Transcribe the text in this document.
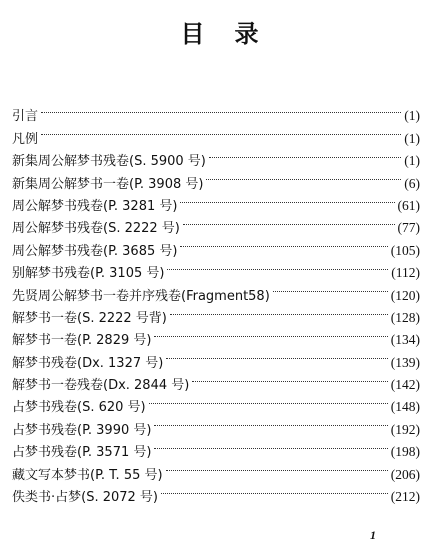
目 录
引言	(1)
凡例	(1)
新集周公解梦书残卷(S. 5900 号)	(1)
新集周公解梦书一卷(P. 3908 号)	(6)
周公解梦书残卷(P. 3281 号)	(61)
周公解梦书残卷(S. 2222 号)	(77)
周公解梦书残卷(P. 3685 号)	(105)
别解梦书残卷(P. 3105 号)	(112)
先贤周公解梦书一卷并序残卷(Fragment58)	(120)
解梦书一卷(S. 2222 号背)	(128)
解梦书一卷(P. 2829 号)	(134)
解梦书残卷(Dx. 1327 号)	(139)
解梦书一卷残卷(Dx. 2844 号)	(142)
占梦书残卷(S. 620 号)	(148)
占梦书残卷(P. 3990 号)	(192)
占梦书残卷(P. 3571 号)	(198)
藏文写本梦书(P. T. 55 号)	(206)
佚类书·占梦(S. 2072 号)	(212)
1
